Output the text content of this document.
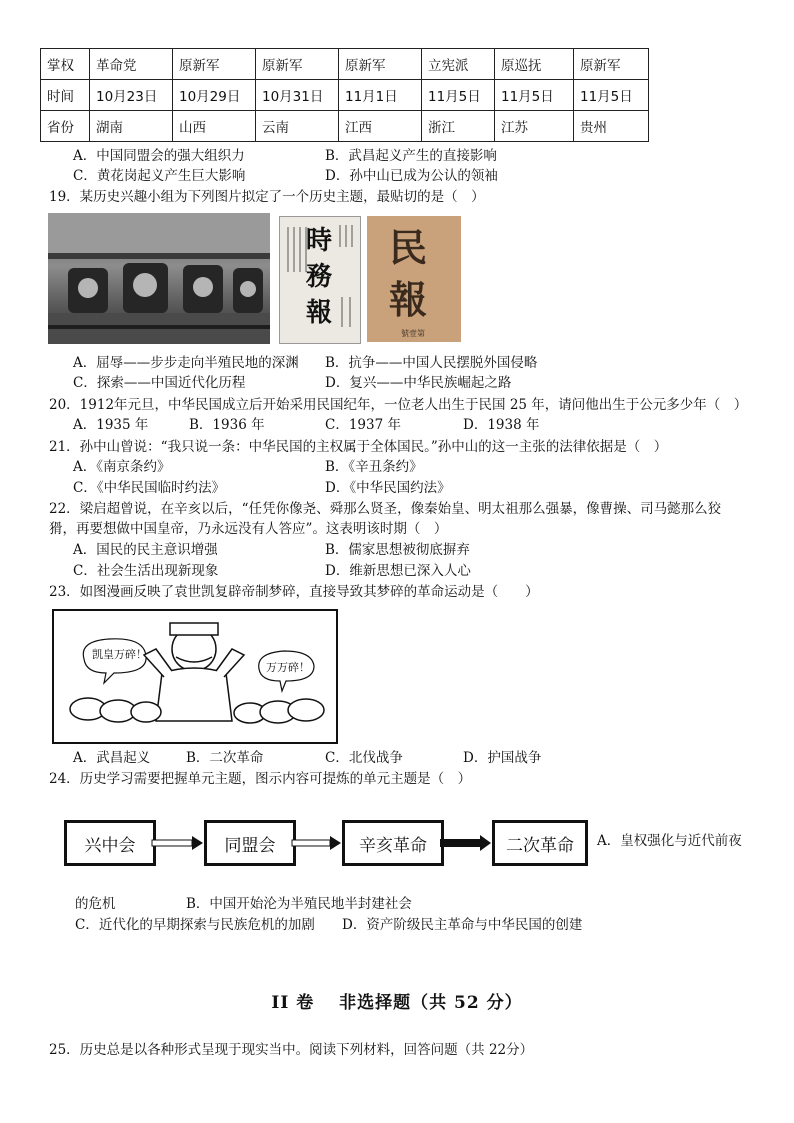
掌权	革命党	原新军	原新军	原新军	立宪派	原巡抚	原新军
时间	10月23日	10月29日	10月31日	11月1日	11月5日	11月5日	11月5日
省份	湖南	山西	云南	江西	浙江	江苏	贵州
A．中国同盟会的强大组织力	B．武昌起义产生的直接影响
C．黄花岗起义产生巨大影响	D．孙中山已成为公认的领袖
19．某历史兴趣小组为下列图片拟定了一个历史主题，最贴切的是（　）
時務報
民報
號壹第
A．屈辱——步步走向半殖民地的深渊 B．抗争——中国人民摆脱外国侵略
C．探索——中国近代化历程	D．复兴——中华民族崛起之路
20．1912年元旦，中华民国成立后开始采用民国纪年，一位老人出生于民国 25 年，请问他出生于公元多少年（　）
A．1935 年	B．1936 年	C．1937 年	D．1938 年
21．孙中山曾说：“我只说一条：中华民国的主权属于全体国民。”孙中山的这一主张的法律依据是（　）
A．《南京条约》	B．《辛丑条约》
C．《中华民国临时约法》	D．《中华民国约法》
22．梁启超曾说，在辛亥以后，“任凭你像尧、舜那么贤圣，像秦始皇、明太祖那么强暴，像曹操、司马懿那么狡
猾，再要想做中国皇帝，乃永远没有人答应”。这表明该时期（　）
A．国民的民主意识增强	B．儒家思想被彻底摒弃
C．社会生活出现新现象	D．维新思想已深入人心
23．如图漫画反映了袁世凯复辟帝制梦碎，直接导致其梦碎的革命运动是（　　）
凯皇万碎！
万万碎！
A．武昌起义	B．二次革命	C．北伐战争	D．护国战争
24．历史学习需要把握单元主题，图示内容可提炼的单元主题是（　）
兴中会	同盟会	辛亥革命	二次革命	A．皇权强化与近代前夜
的危机	B．中国开始沦为半殖民地半封建社会
C．近代化的早期探索与民族危机的加剧 D．资产阶级民主革命与中华民国的创建
II 卷　 非选择题（共 52 分）
25．历史总是以各种形式呈现于现实当中。阅读下列材料，回答问题（共 22分）
